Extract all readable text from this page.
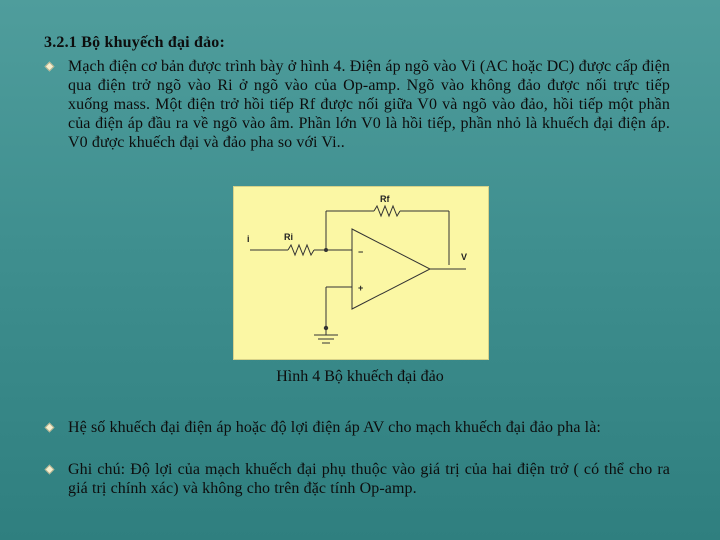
3.2.1 Bộ khuyếch đại đảo:
Mạch điện cơ bản được trình bày ở hình 4. Điện áp ngõ vào Vi (AC hoặc DC) được cấp điện qua điện trở ngõ vào Ri ở ngõ vào của Op-amp. Ngõ vào không đảo được nối trực tiếp xuống mass. Một điện trở hồi tiếp Rf được nối giữa V0 và ngõ vào đảo, hồi tiếp một phần của điện áp đầu ra về ngõ vào âm. Phần lớn V0 là hồi tiếp, phần nhỏ là khuếch đại điện áp. V0 được khuếch đại và đảo pha so với Vi..
−
+
Rf
Ri
i
V
Hình 4 Bộ khuếch đại đảo
Hệ số khuếch đại điện áp hoặc độ lợi điện áp AV cho mạch khuếch đại đảo pha là:
Ghi chú: Độ lợi của mạch khuếch đại phụ thuộc vào giá trị của hai điện trở ( có thể cho ra giá trị chính xác) và không cho trên đặc tính Op-amp.
